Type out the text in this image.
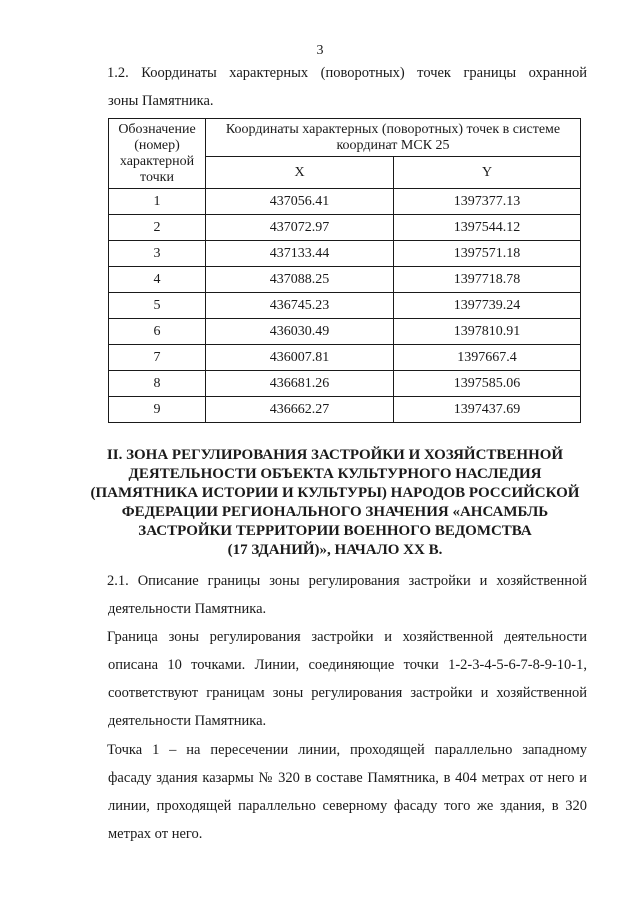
3

1.2. Координаты характерных (поворотных) точек границы охранной

зоны Памятника.

Обозначение
(номер)
характерной
точки	Координаты характерных (поворотных) точек в системе координат МСК 25	
	X	Y
1	437056.41	1397377.13
2	437072.97	1397544.12
3	437133.44	1397571.18
4	437088.25	1397718.78
5	436745.23	1397739.24
6	436030.49	1397810.91
7	436007.81	1397667.4
8	436681.26	1397585.06
9	436662.27	1397437.69
II. ЗОНА РЕГУЛИРОВАНИЯ ЗАСТРОЙКИ И ХОЗЯЙСТВЕННОЙ
ДЕЯТЕЛЬНОСТИ ОБЪЕКТА КУЛЬТУРНОГО НАСЛЕДИЯ
(ПАМЯТНИКА ИСТОРИИ И КУЛЬТУРЫ) НАРОДОВ РОССИЙСКОЙ
ФЕДЕРАЦИИ РЕГИОНАЛЬНОГО ЗНАЧЕНИЯ «АНСАМБЛЬ
ЗАСТРОЙКИ ТЕРРИТОРИИ ВОЕННОГО ВЕДОМСТВА
(17 ЗДАНИЙ)», НАЧАЛО XX В.

2.1. Описание границы зоны регулирования застройки и хозяйственной

деятельности Памятника.

Граница зоны регулирования застройки и хозяйственной деятельности

описана 10 точками. Линии, соединяющие точки 1-2-3-4-5-6-7-8-9-10-1,

соответствуют границам зоны регулирования застройки и хозяйственной

деятельности Памятника.

Точка 1 – на пересечении линии, проходящей параллельно западному

фасаду здания казармы № 320 в составе Памятника, в 404 метрах от него и

линии, проходящей параллельно северному фасаду того же здания, в 320

метрах от него.
